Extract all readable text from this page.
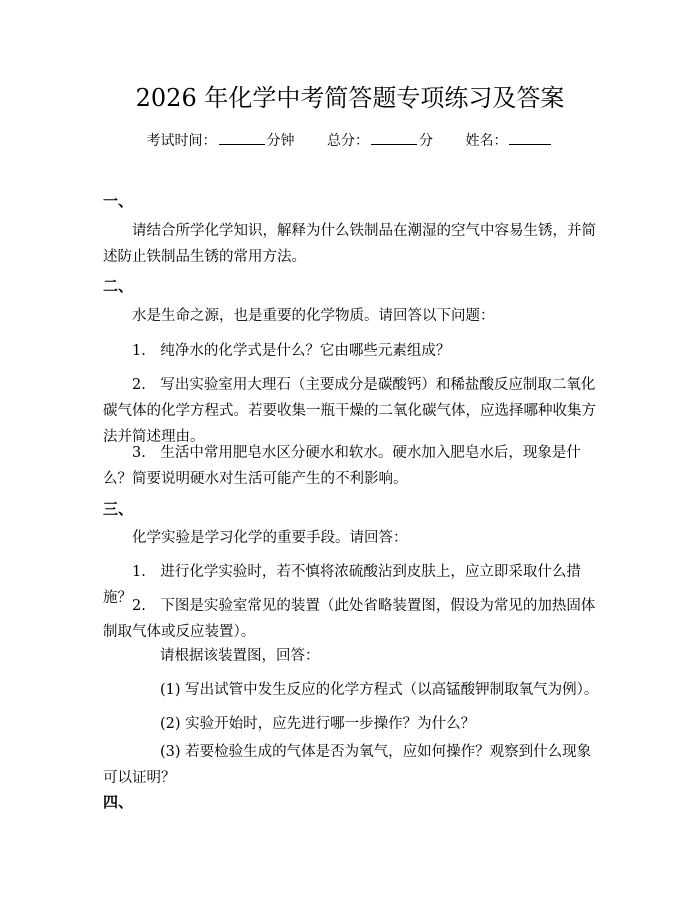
2026 年化学中考简答题专项练习及答案
考试时间：	分钟 总分：	分 姓名：
一、
请结合所学化学知识，解释为什么铁制品在潮湿的空气中容易生锈，并简述防止铁制品生锈的常用方法。
二、
水是生命之源，也是重要的化学物质。请回答以下问题：
1.　纯净水的化学式是什么？它由哪些元素组成？
2.　写出实验室用大理石（主要成分是碳酸钙）和稀盐酸反应制取二氧化碳气体的化学方程式。若要收集一瓶干燥的二氧化碳气体，应选择哪种收集方法并简述理由。
3.　生活中常用肥皂水区分硬水和软水。硬水加入肥皂水后，现象是什么？简要说明硬水对生活可能产生的不利影响。
三、
化学实验是学习化学的重要手段。请回答：
1.　进行化学实验时，若不慎将浓硫酸沾到皮肤上，应立即采取什么措施？ 2.　下图是实验室常见的装置（此处省略装置图，假设为常见的加热固体制取气体或反应装置）。
请根据该装置图，回答：
(1) 写出试管中发生反应的化学方程式（以高锰酸钾制取氧气为例）。
(2) 实验开始时，应先进行哪一步操作？为什么？
(3) 若要检验生成的气体是否为氧气，应如何操作？观察到什么现象可以证明？
四、
